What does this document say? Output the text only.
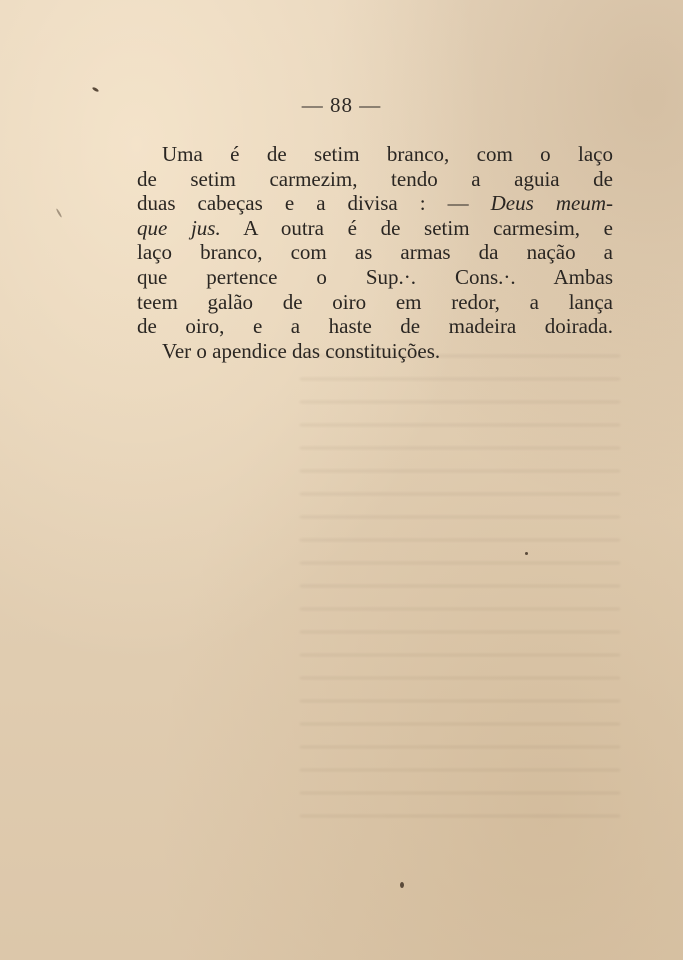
— 88 —
Uma é de setim branco, com o laço
de setim carmezim, tendo a aguia de
duas cabeças e a divisa : — Deus meum-
que jus. A outra é de setim carmesim, e
laço branco, com as armas da nação a
que pertence o Sup.·. Cons.·. Ambas
teem galão de oiro em redor, a lança
de oiro, e a haste de madeira doirada.
Ver o apendice das constituições.
